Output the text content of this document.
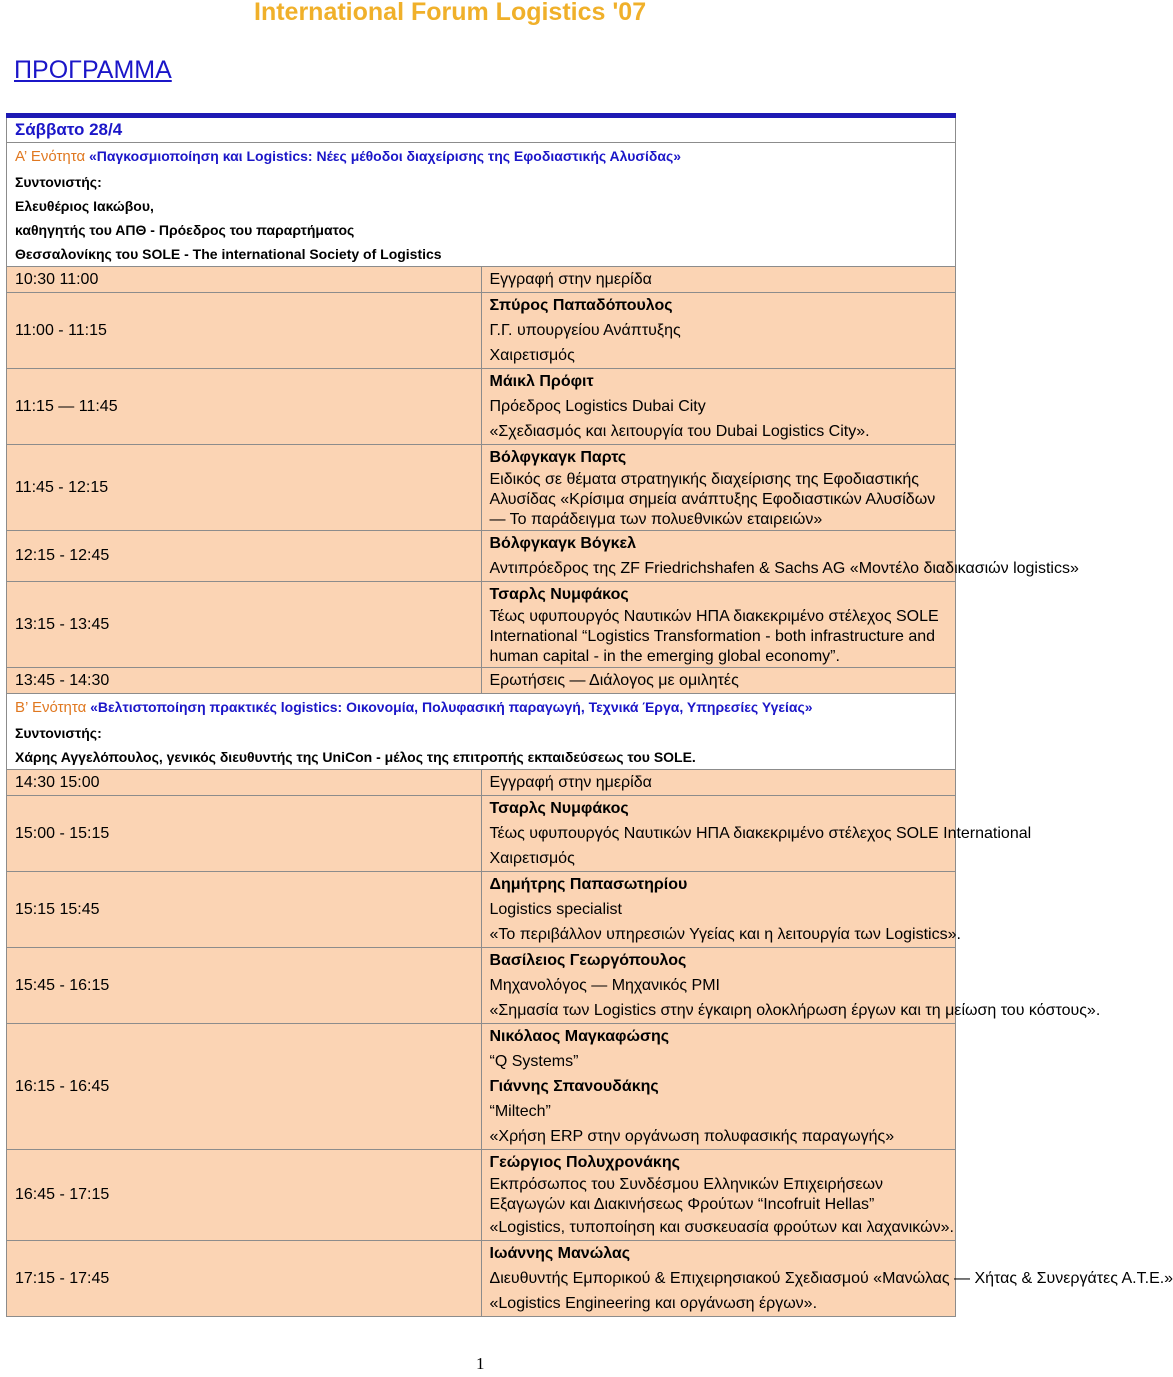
International Forum Logistics '07
ΠΡΟΓΡΑΜΜΑ

Σάββατο 28/4	

Α’ Ενότητα «Παγκοσμιοποίηση και Logistics: Νέες μέθοδοι διαχείρισης της Εφοδιαστικής Αλυσίδας»
Συντονιστής:
Ελευθέριος Ιακώβου,
καθηγητής του ΑΠΘ - Πρόεδρος του παραρτήματος
Θεσσαλονίκης του SOLE - The international Society of Logistics	

10:30 11:00	Εγγραφή στην ημερίδα

11:00 - 11:15	Σπύρος Παπαδόπουλος
Γ.Γ. υπουργείου Ανάπτυξης
Χαιρετισμός

11:15 — 11:45	Μάικλ Πρόφιτ
Πρόεδρος Logistics Dubai City
«Σχεδιασμός και λειτουργία του Dubai Logistics City».

11:45 - 12:15	Βόλφγκαγκ Παρτς
Ειδικός σε θέματα στρατηγικής διαχείρισης της Εφοδιαστικής Αλυσίδας «Κρίσιμα σημεία ανάπτυξης Εφοδιαστικών Αλυσίδων — Το παράδειγμα των πολυεθνικών εταιρειών»

12:15 - 12:45	Βόλφγκαγκ Βόγκελ
Αντιπρόεδρος της ZF Friedrichshafen & Sachs AG «Μοντέλο διαδικασιών logistics»

13:15 - 13:45	Τσαρλς Νυμφάκος
Τέως υφυπουργός Ναυτικών ΗΠΑ διακεκριμένο στέλεχος SOLE International “Logistics Transformation - both infrastructure and human capital - in the emerging global economy”.

13:45 - 14:30	Ερωτήσεις — Διάλογος με ομιλητές

Β’ Ενότητα «Βελτιστοποίηση πρακτικές logistics: Οικονομία, Πολυφασική παραγωγή, Τεχνικά Έργα, Υπηρεσίες Υγείας»
Συντονιστής:
Χάρης Αγγελόπουλος, γενικός διευθυντής της UniCon - μέλος της επιτροπής εκπαιδεύσεως του SOLE.	

14:30 15:00	Εγγραφή στην ημερίδα

15:00 - 15:15	Τσαρλς Νυμφάκος
Τέως υφυπουργός Ναυτικών ΗΠΑ διακεκριμένο στέλεχος SOLE International
Χαιρετισμός

15:15 15:45	Δημήτρης Παπασωτηρίου
Logistics specialist
«Το περιβάλλον υπηρεσιών Υγείας και η λειτουργία των Logistics».

15:45 - 16:15	Βασίλειος Γεωργόπουλος
Μηχανολόγος — Μηχανικός PMI
«Σημασία των Logistics στην έγκαιρη ολοκλήρωση έργων και τη μείωση του κόστους».

16:15 - 16:45	Νικόλαος Μαγκαφώσης
“Q Systems”
Γιάννης Σπανουδάκης
“Miltech”
«Χρήση ERP στην οργάνωση πολυφασικής παραγωγής»

16:45 - 17:15	Γεώργιος Πολυχρονάκης
Εκπρόσωπος του Συνδέσμου Ελληνικών Επιχειρήσεων Εξαγωγών και Διακινήσεως Φρούτων “Incofruit Hellas”
«Logistics, τυποποίηση και συσκευασία φρούτων και λαχανικών».

17:15 - 17:45	Ιωάννης Μανώλας
Διευθυντής Εμπορικού & Επιχειρησιακού Σχεδιασμού «Μανώλας — Χήτας & Συνεργάτες Α.Τ.Ε.»
«Logistics Engineering και οργάνωση έργων».
1
